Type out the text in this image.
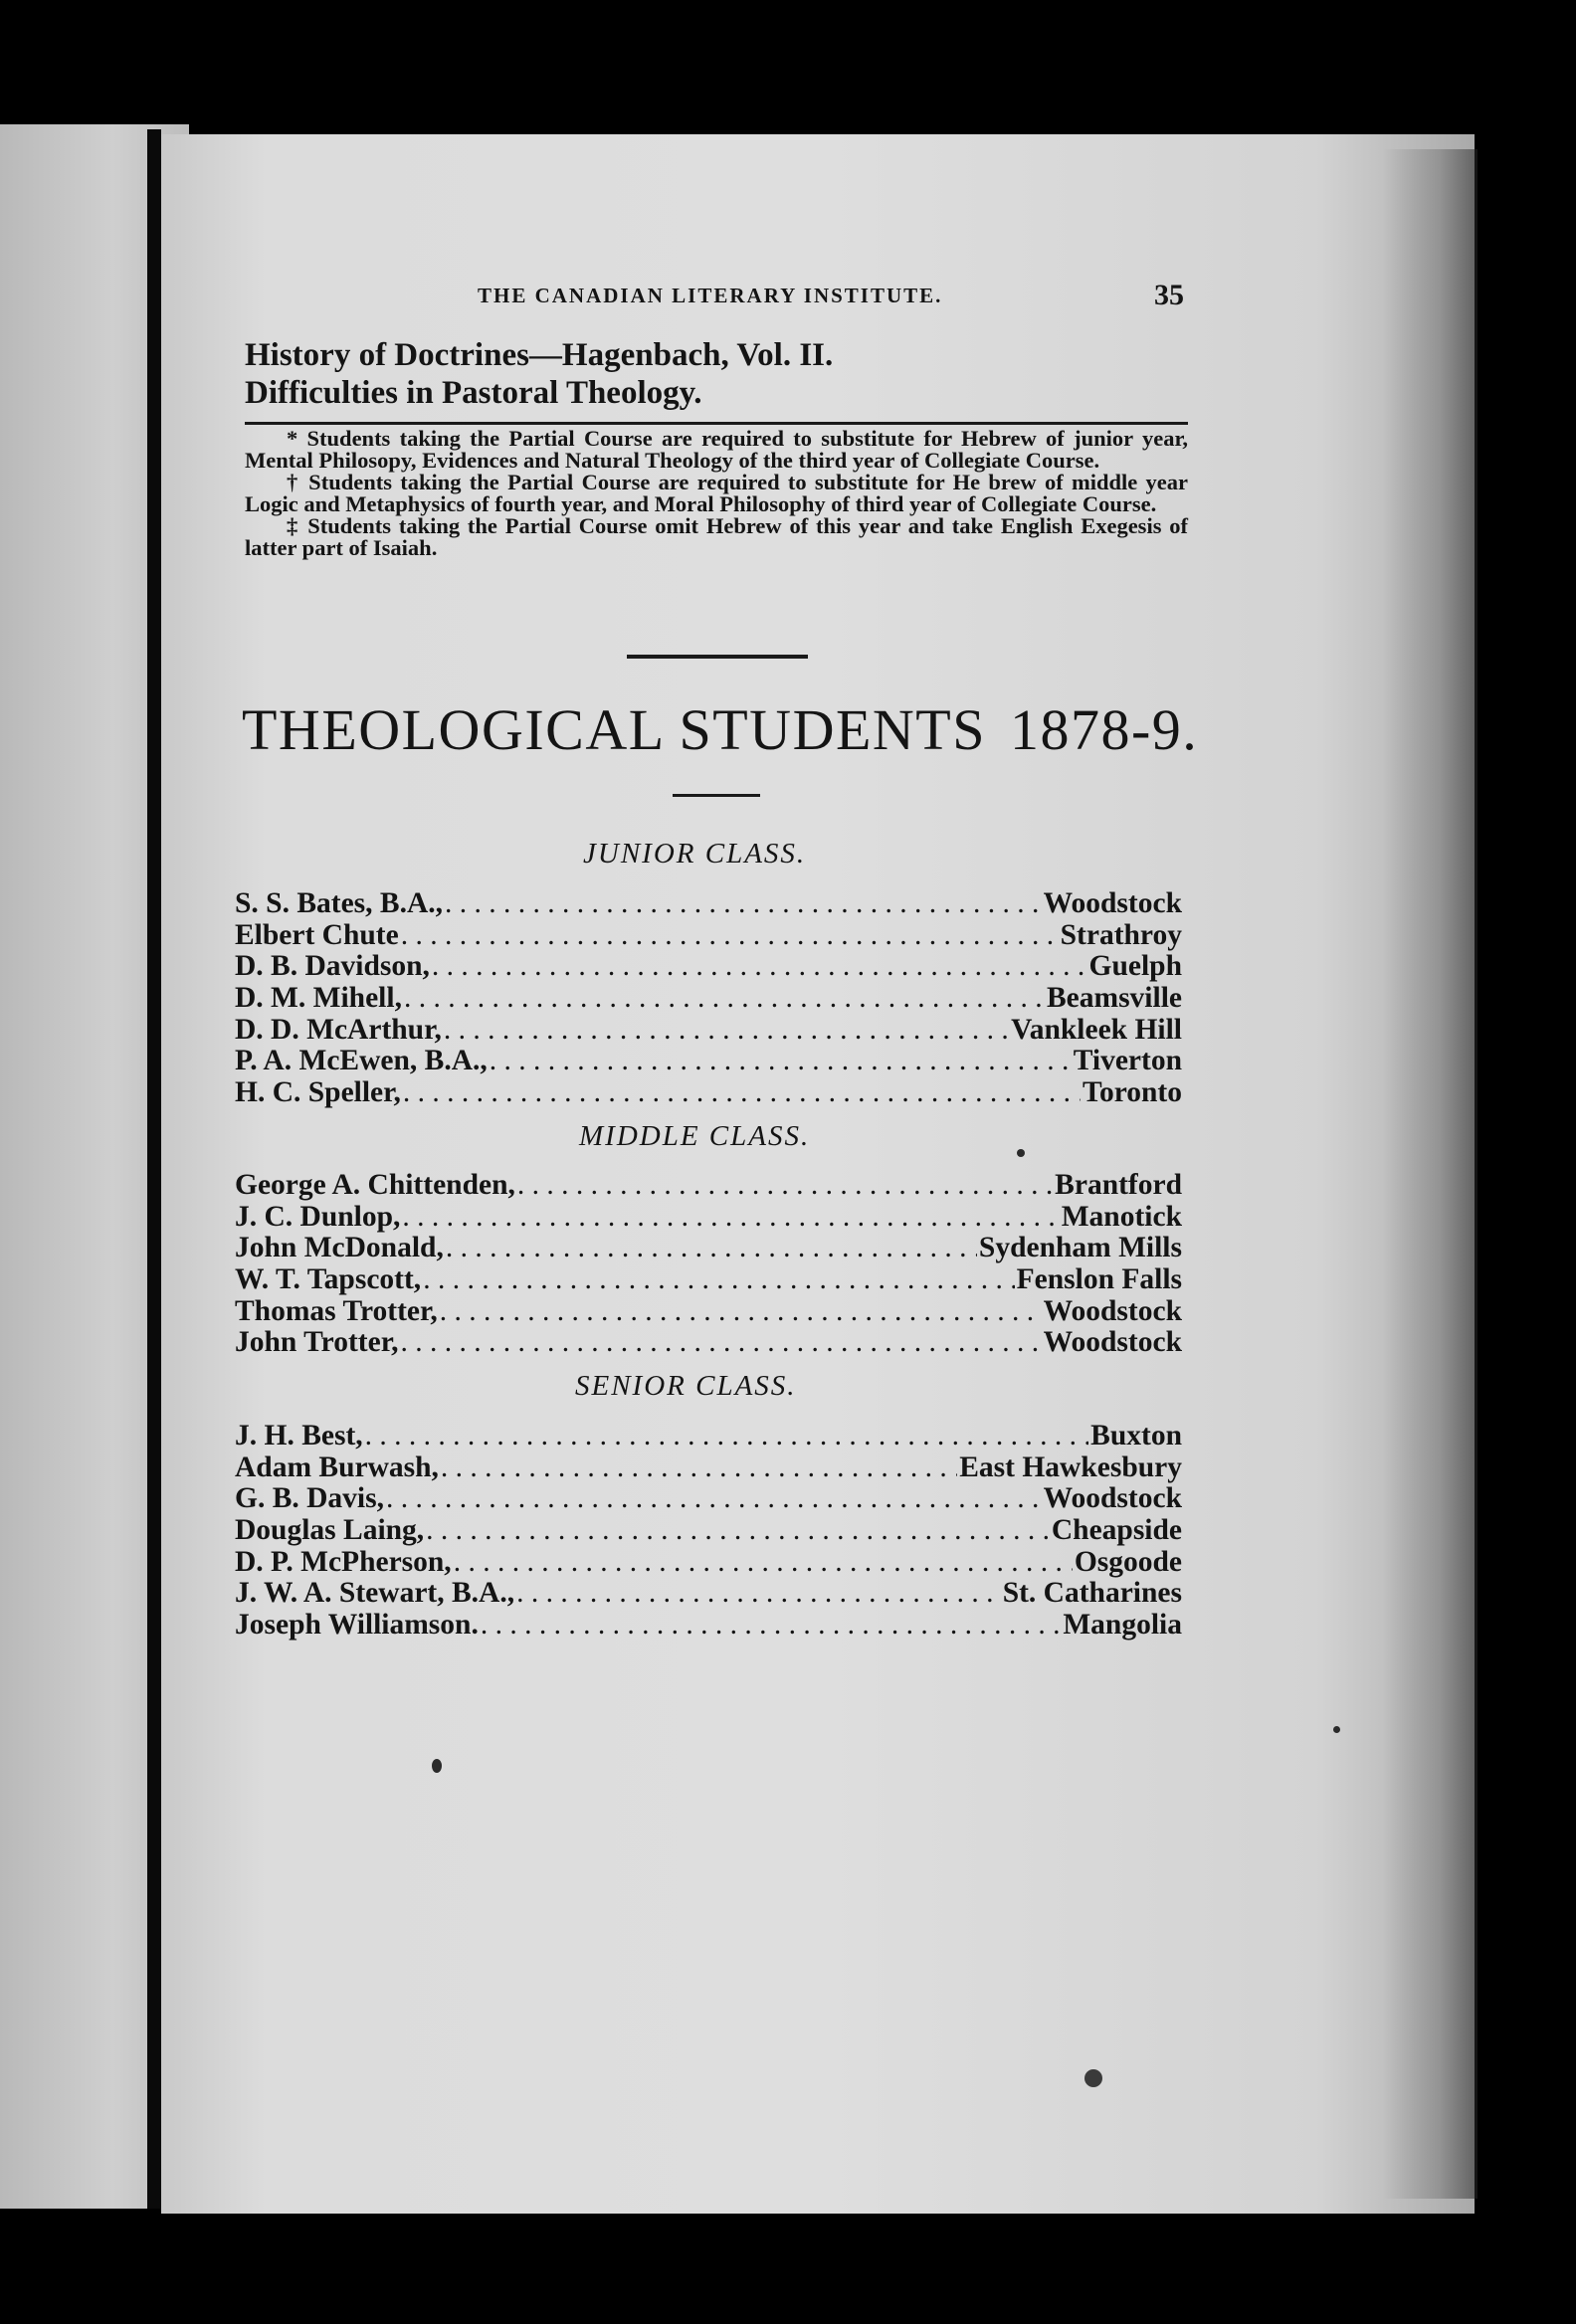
THE CANADIAN LITERARY INSTITUTE.	35
History of Doctrines—Hagenbach, Vol. II.
Difficulties in Pastoral Theology.

* Students taking the Partial Course are required to substitute for Hebrew of junior year, Mental Philosopy, Evidences and Natural Theology of the third year of Collegiate Course.

† Students taking the Partial Course are required to substitute for He brew of middle year Logic and Metaphysics of fourth year, and Moral Philosophy of third year of Collegiate Course.

‡ Students taking the Partial Course omit Hebrew of this year and take English Exegesis of latter part of Isaiah.

THEOLOGICAL STUDENTS 1878-9.
JUNIOR CLASS.
S. S. Bates, B.A., . . .	Woodstock
Elbert Chute . . .	Strathroy
D. B. Davidson, . . .	Guelph
D. M. Mihell, . . .	Beamsville
D. D. McArthur, . . .	Vankleek Hill
P. A. McEwen, B.A., . . .	Tiverton
H. C. Speller, . . .	Toronto
MIDDLE CLASS.
George A. Chittenden, . . .	Brantford
J. C. Dunlop, . . .	Manotick
John McDonald, . . .	Sydenham Mills
W. T. Tapscott, . . .	Fenslon Falls
Thomas Trotter, . . .	Woodstock
John Trotter, . . .	Woodstock
SENIOR CLASS.
J. H. Best, . . .	Buxton
Adam Burwash, . . .	East Hawkesbury
G. B. Davis, . . .	Woodstock
Douglas Laing, . . .	Cheapside
D. P. McPherson, . . .	Osgoode
J. W. A. Stewart, B.A., . . .	St. Catharines
Joseph Williamson. . . .	Mangolia
